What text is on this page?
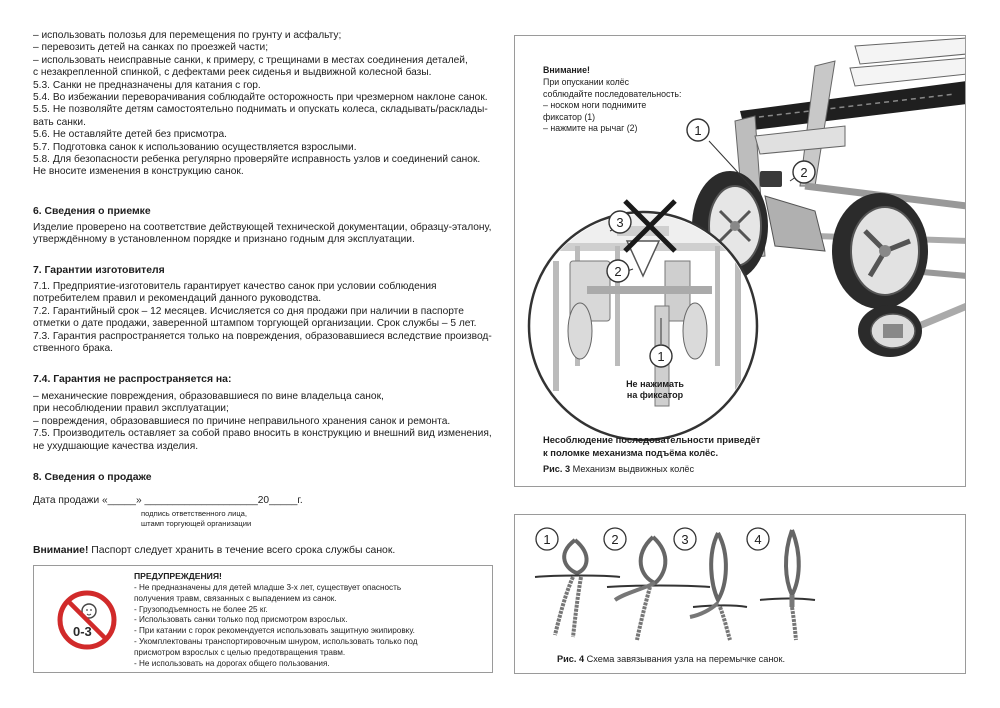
– использовать полозья для перемещения по грунту и асфальту;
– перевозить детей на санках по проезжей части;
– использовать неисправные санки, к примеру, с трещинами в местах соединения деталей,
с незакрепленной спинкой, с дефектами реек сиденья и выдвижной колесной базы.
5.3. Санки не предназначены для катания с гор.
5.4. Во избежании переворачивания соблюдайте осторожность при чрезмерном наклоне санок.
5.5. Не позволяйте детям самостоятельно поднимать и опускать колеса, складывать/расклады-
вать санки.
5.6. Не оставляйте детей без присмотра.
5.7. Подготовка санок к использованию осуществляется взрослыми.
5.8. Для безопасности ребенка регулярно проверяйте исправность узлов и соединений санок.
Не вносите изменения в конструкцию санок.
6. Сведения о приемке
Изделие проверено на соответствие действующей технической документации, образцу-эталону,
утверждённому в установленном порядке и признано годным для эксплуатации.
7. Гарантии изготовителя
7.1. Предприятие-изготовитель гарантирует качество санок при условии соблюдения
потребителем правил и рекомендаций данного руководства.
7.2. Гарантийный срок – 12 месяцев. Исчисляется со дня продажи при наличии в паспорте
отметки о дате продажи, заверенной штампом торгующей организации. Срок службы – 5 лет.
7.3. Гарантия распространяется только на повреждения, образовавшиеся вследствие производ-
ственного брака.
7.4. Гарантия не распространяется на:
– механические повреждения, образовавшиеся по вине владельца санок,
при несоблюдении правил эксплуатации;
– повреждения, образовавшиеся по причине неправильного хранения санок и ремонта.
7.5. Производитель оставляет за собой право вносить в конструкцию и внешний вид изменения,
не ухудшающие качества изделия.
8. Сведения о продаже
Дата продажи «_____» ____________________20_____г.
подпись ответственного лица,
штамп торгующей организации
Внимание! Паспорт следует хранить в течение всего срока службы санок.
0-3
ПРЕДУПРЕЖДЕНИЯ!
- Не предназначены для детей младше 3-х лет, существует опасность
получения травм, связанных с выпадением из санок.
- Грузоподъемность не более 25 кг.
- Использовать санки только под присмотром взрослых.
- При катании с горок рекомендуется использовать защитную экипировку.
- Укомплектованы транспортировочным шнуром, использовать только под
присмотром взрослых с целью предотвращения травм.
- Не использовать на дорогах общего пользования.
Внимание!
При опускании колёс
соблюдайте последовательность:
– носком ноги поднимите
фиксатор (1)
– нажмите на рычаг (2)	1
2
3
2
1
Не нажимать
на фиксатор
Несоблюдение последовательности приведёт
к поломке механизма подъёма колёс.
Рис. 3 Механизм выдвижных колёс
1	2	3	4
Рис. 4 Схема завязывания узла на перемычке санок.
